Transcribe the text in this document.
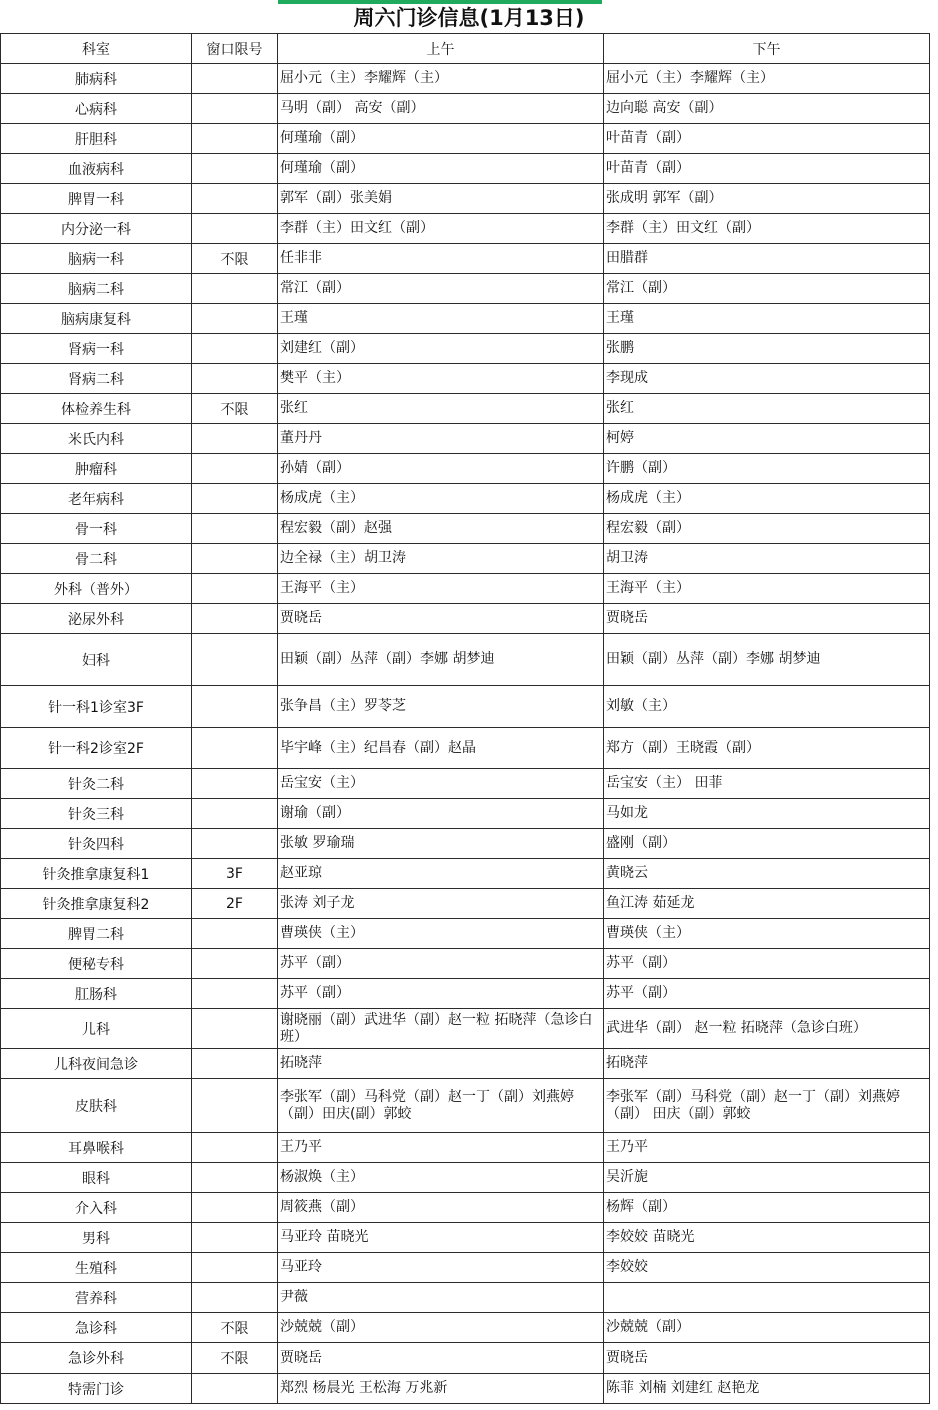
周六门诊信息(1月13日)
科室	窗口限号	上午	下午
肺病科		屈小元（主）李耀辉（主）	屈小元（主）李耀辉（主）
心病科		马明（副） 高安（副）	边向聪 高安（副）
肝胆科		何瑾瑜（副）	叶苗青（副）
血液病科		何瑾瑜（副）	叶苗青（副）
脾胃一科		郭军（副）张美娟	张成明 郭军（副）
内分泌一科		李群（主）田文红（副）	李群（主）田文红（副）
脑病一科	不限	任非非	田腊群
脑病二科		常江（副）	常江（副）
脑病康复科		王瑾	王瑾
肾病一科		刘建红（副）	张鹏
肾病二科		樊平（主）	李现成
体检养生科	不限	张红	张红
米氏内科		董丹丹	柯婷
肿瘤科		孙婧（副）	许鹏（副）
老年病科		杨成虎（主）	杨成虎（主）
骨一科		程宏毅（副）赵强	程宏毅（副）
骨二科		边全禄（主）胡卫涛	胡卫涛
外科（普外）		王海平（主）	王海平（主）
泌尿外科		贾晓岳	贾晓岳
妇科		田颖（副）丛萍（副）李娜 胡梦迪	田颖（副）丛萍（副）李娜 胡梦迪
针一科1诊室3F		张争昌（主）罗苓芝	刘敏（主）
针一科2诊室2F		毕宇峰（主）纪昌春（副）赵晶	郑方（副）王晓霞（副）
针灸二科		岳宝安（主）	岳宝安（主） 田菲
针灸三科		谢瑜（副）	马如龙
针灸四科		张敏 罗瑜瑞	盛刚（副）
针灸推拿康复科1	3F	赵亚琼	黄晓云
针灸推拿康复科2	2F	张涛 刘子龙	鱼江涛 茹延龙
脾胃二科		曹瑛侠（主）	曹瑛侠（主）
便秘专科		苏平（副）	苏平（副）
肛肠科		苏平（副）	苏平（副）
儿科		谢晓丽（副）武进华（副）赵一粒 拓晓萍（急诊白班）	武进华（副） 赵一粒 拓晓萍（急诊白班）
儿科夜间急诊		拓晓萍	拓晓萍
皮肤科		李张军（副）马科党（副）赵一丁（副）刘燕婷（副）田庆(副）郭蛟	李张军（副）马科党（副）赵一丁（副）刘燕婷（副） 田庆（副）郭蛟
耳鼻喉科		王乃平	王乃平
眼科		杨淑焕（主）	吴沂旎
介入科		周筱燕（副）	杨辉（副）
男科		马亚玲 苗晓光	李姣姣 苗晓光
生殖科		马亚玲	李姣姣
营养科		尹薇	
急诊科	不限	沙兢兢（副）	沙兢兢（副）
急诊外科	不限	贾晓岳	贾晓岳
特需门诊		郑烈 杨晨光 王松海 万兆新	陈菲 刘楠 刘建红 赵艳龙
